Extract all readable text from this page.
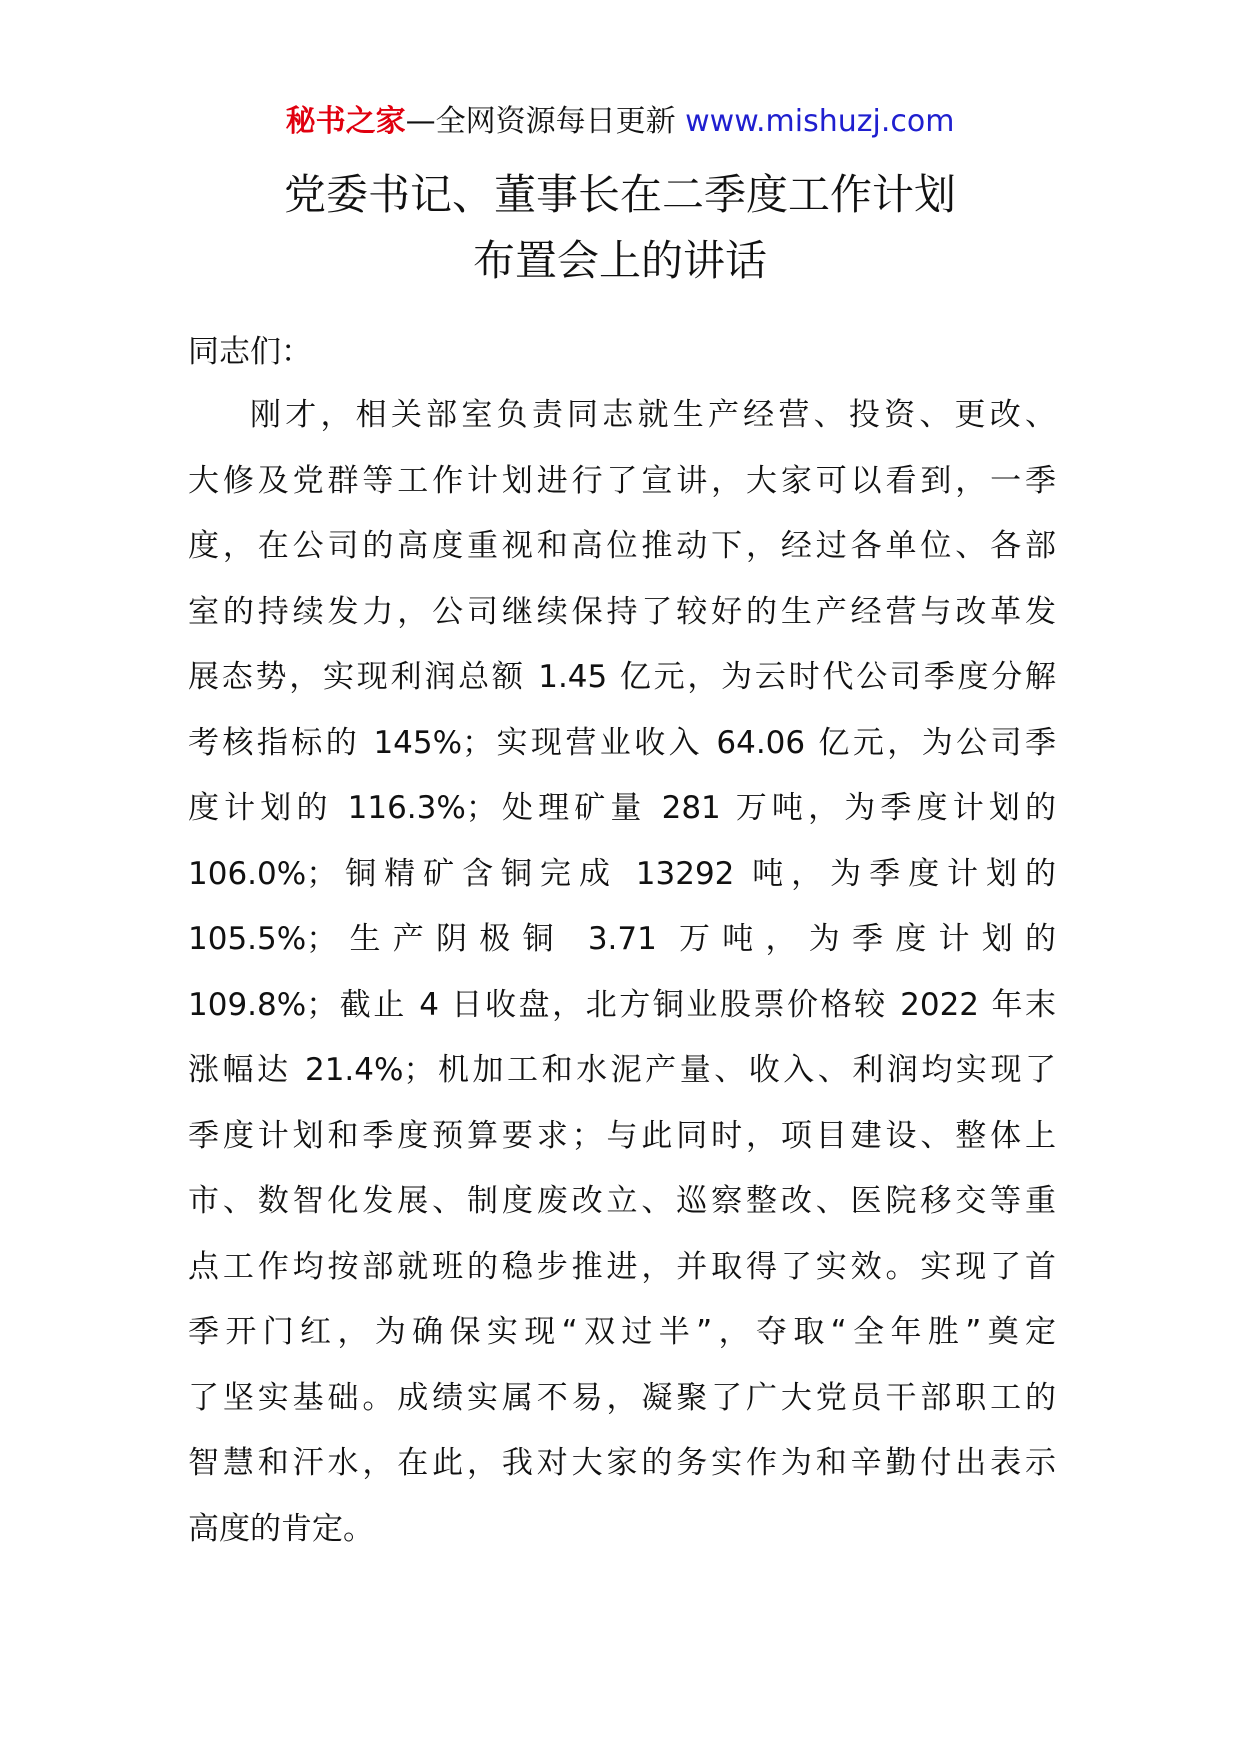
秘书之家—全网资源每日更新 www.mishuzj.com
党委书记、董事长在二季度工作计划
布置会上的讲话
同志们：
刚才，相关部室负责同志就生产经营、投资、更改、
大修及党群等工作计划进行了宣讲，大家可以看到，一季
度，在公司的高度重视和高位推动下，经过各单位、各部
室的持续发力，公司继续保持了较好的生产经营与改革发
展态势，实现利润总额 1.45 亿元，为云时代公司季度分解
考核指标的 145%；实现营业收入 64.06 亿元，为公司季
度计划的 116.3%；处理矿量 281 万吨，为季度计划的
106.0%；铜精矿含铜完成 13292 吨，为季度计划的
105.5%；生产阴极铜 3.71 万吨，为季度计划的
109.8%；截止 4 日收盘，北方铜业股票价格较 2022 年末
涨幅达 21.4%；机加工和水泥产量、收入、利润均实现了
季度计划和季度预算要求；与此同时，项目建设、整体上
市、数智化发展、制度废改立、巡察整改、医院移交等重
点工作均按部就班的稳步推进，并取得了实效。实现了首
季开门红，为确保实现“双过半”，夺取“全年胜”奠定
了坚实基础。成绩实属不易，凝聚了广大党员干部职工的
智慧和汗水，在此，我对大家的务实作为和辛勤付出表示
高度的肯定。
